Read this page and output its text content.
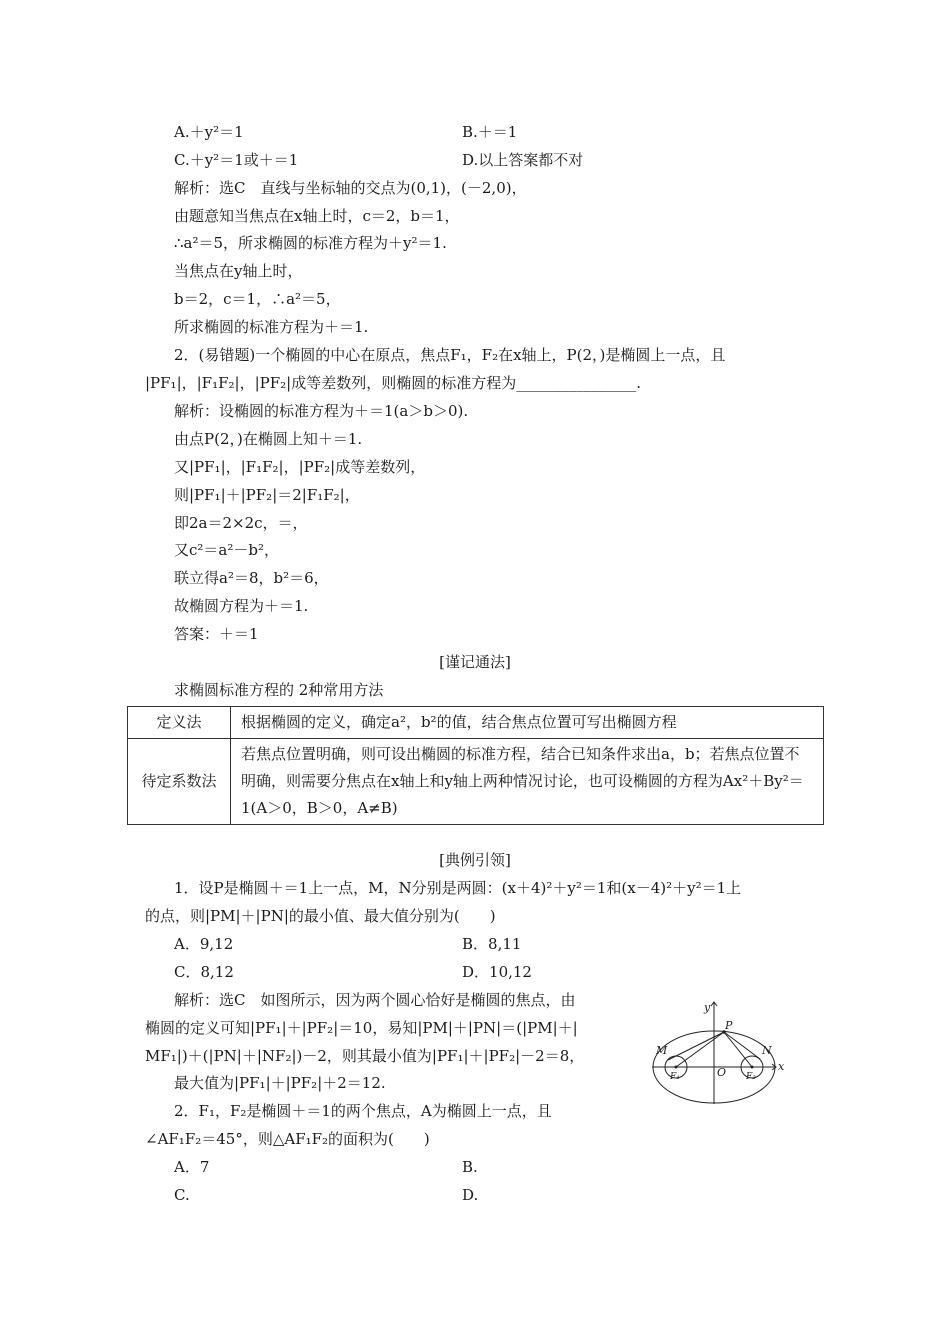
A.＋y²＝1	B.＋＝1
C.＋y²＝1或＋＝1	D.以上答案都不对
解析：选C　直线与坐标轴的交点为(0,1)，(－2,0)，
由题意知当焦点在x轴上时，c＝2，b＝1，
∴a²＝5，所求椭圆的标准方程为＋y²＝1.
当焦点在y轴上时，
b＝2，c＝1，∴a²＝5，
所求椭圆的标准方程为＋＝1.
2．(易错题)一个椭圆的中心在原点，焦点F₁，F₂在x轴上，P(2，)是椭圆上一点，且
|PF₁|，|F₁F₂|，|PF₂|成等差数列，则椭圆的标准方程为________________.
解析：设椭圆的标准方程为＋＝1(a＞b＞0).
由点P(2，)在椭圆上知＋＝1.
又|PF₁|，|F₁F₂|，|PF₂|成等差数列，
则|PF₁|＋|PF₂|＝2|F₁F₂|，
即2a＝2×2c，＝，
又c²＝a²－b²，
联立得a²＝8，b²＝6，
故椭圆方程为＋＝1.
答案：＋＝1
[谨记通法]
求椭圆标准方程的 2种常用方法
定义法	根据椭圆的定义，确定a²，b²的值，结合焦点位置可写出椭圆方程
待定系数法	若焦点位置明确，则可设出椭圆的标准方程，结合已知条件求出a，b；若焦点位置不明确，则需要分焦点在x轴上和y轴上两种情况讨论，也可设椭圆的方程为Ax²＋By²＝1(A＞0，B＞0，A≠B)
[典例引领]
1．设P是椭圆＋＝1上一点，M，N分别是两圆：(x＋4)²＋y²＝1和(x－4)²＋y²＝1上
的点，则|PM|＋|PN|的最小值、最大值分别为(　　)
A．9,12	B．8,11
C．8,12	D．10,12
解析：选C　如图所示，因为两个圆心恰好是椭圆的焦点，由
椭圆的定义可知|PF₁|＋|PF₂|＝10，易知|PM|＋|PN|＝(|PM|＋|
MF₁|)＋(|PN|＋|NF₂|)－2，则其最小值为|PF₁|＋|PF₂|－2＝8，
最大值为|PF₁|＋|PF₂|＋2＝12.
y
x
P
M	N
O
F₁	F₂
2．F₁，F₂是椭圆＋＝1的两个焦点，A为椭圆上一点，且
∠AF₁F₂＝45°，则△AF₁F₂的面积为(　　)
A．7	B.
C.	D.
